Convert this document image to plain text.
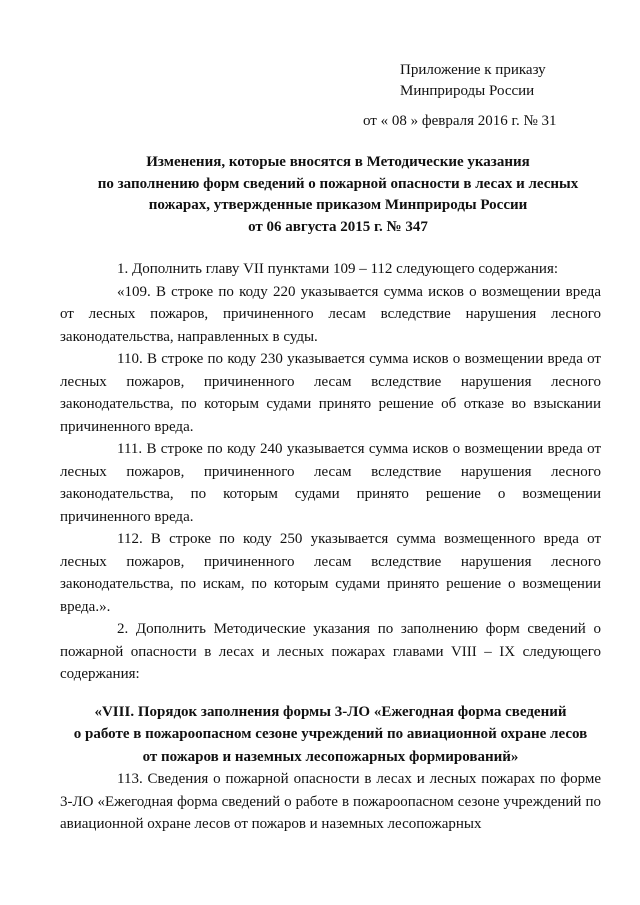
Приложение к приказу
Минприроды России
от « 08 » февраля 2016 г. № 31
Изменения, которые вносятся в Методические указания
по заполнению форм сведений о пожарной опасности в лесах и лесных
пожарах, утвержденные приказом Минприроды России
от 06 августа 2015 г. № 347

1. Дополнить главу VII пунктами 109 – 112 следующего содержания:

«109. В строке по коду 220 указывается сумма исков о возмещении вреда от лесных пожаров, причиненного лесам вследствие нарушения лесного законодательства, направленных в суды.

110. В строке по коду 230 указывается сумма исков о возмещении вреда от лесных пожаров, причиненного лесам вследствие нарушения лесного законодательства, по которым судами принято решение об отказе во взыскании причиненного вреда.

111. В строке по коду 240 указывается сумма исков о возмещении вреда от лесных пожаров, причиненного лесам вследствие нарушения лесного законодательства, по которым судами принято решение о возмещении причиненного вреда.

112. В строке по коду 250 указывается сумма возмещенного вреда от лесных пожаров, причиненного лесам вследствие нарушения лесного законодательства, по искам, по которым судами принято решение о возмещении вреда.».

2. Дополнить Методические указания по заполнению форм сведений о пожарной опасности в лесах и лесных пожарах главами VIII – IX следующего содержания:

«VIII. Порядок заполнения формы 3-ЛО «Ежегодная форма сведений
о работе в пожароопасном сезоне учреждений по авиационной охране лесов
от пожаров и наземных лесопожарных формирований»

113. Сведения о пожарной опасности в лесах и лесных пожарах по форме 3-ЛО «Ежегодная форма сведений о работе в пожароопасном сезоне учреждений по авиационной охране лесов от пожаров и наземных лесопожарных
